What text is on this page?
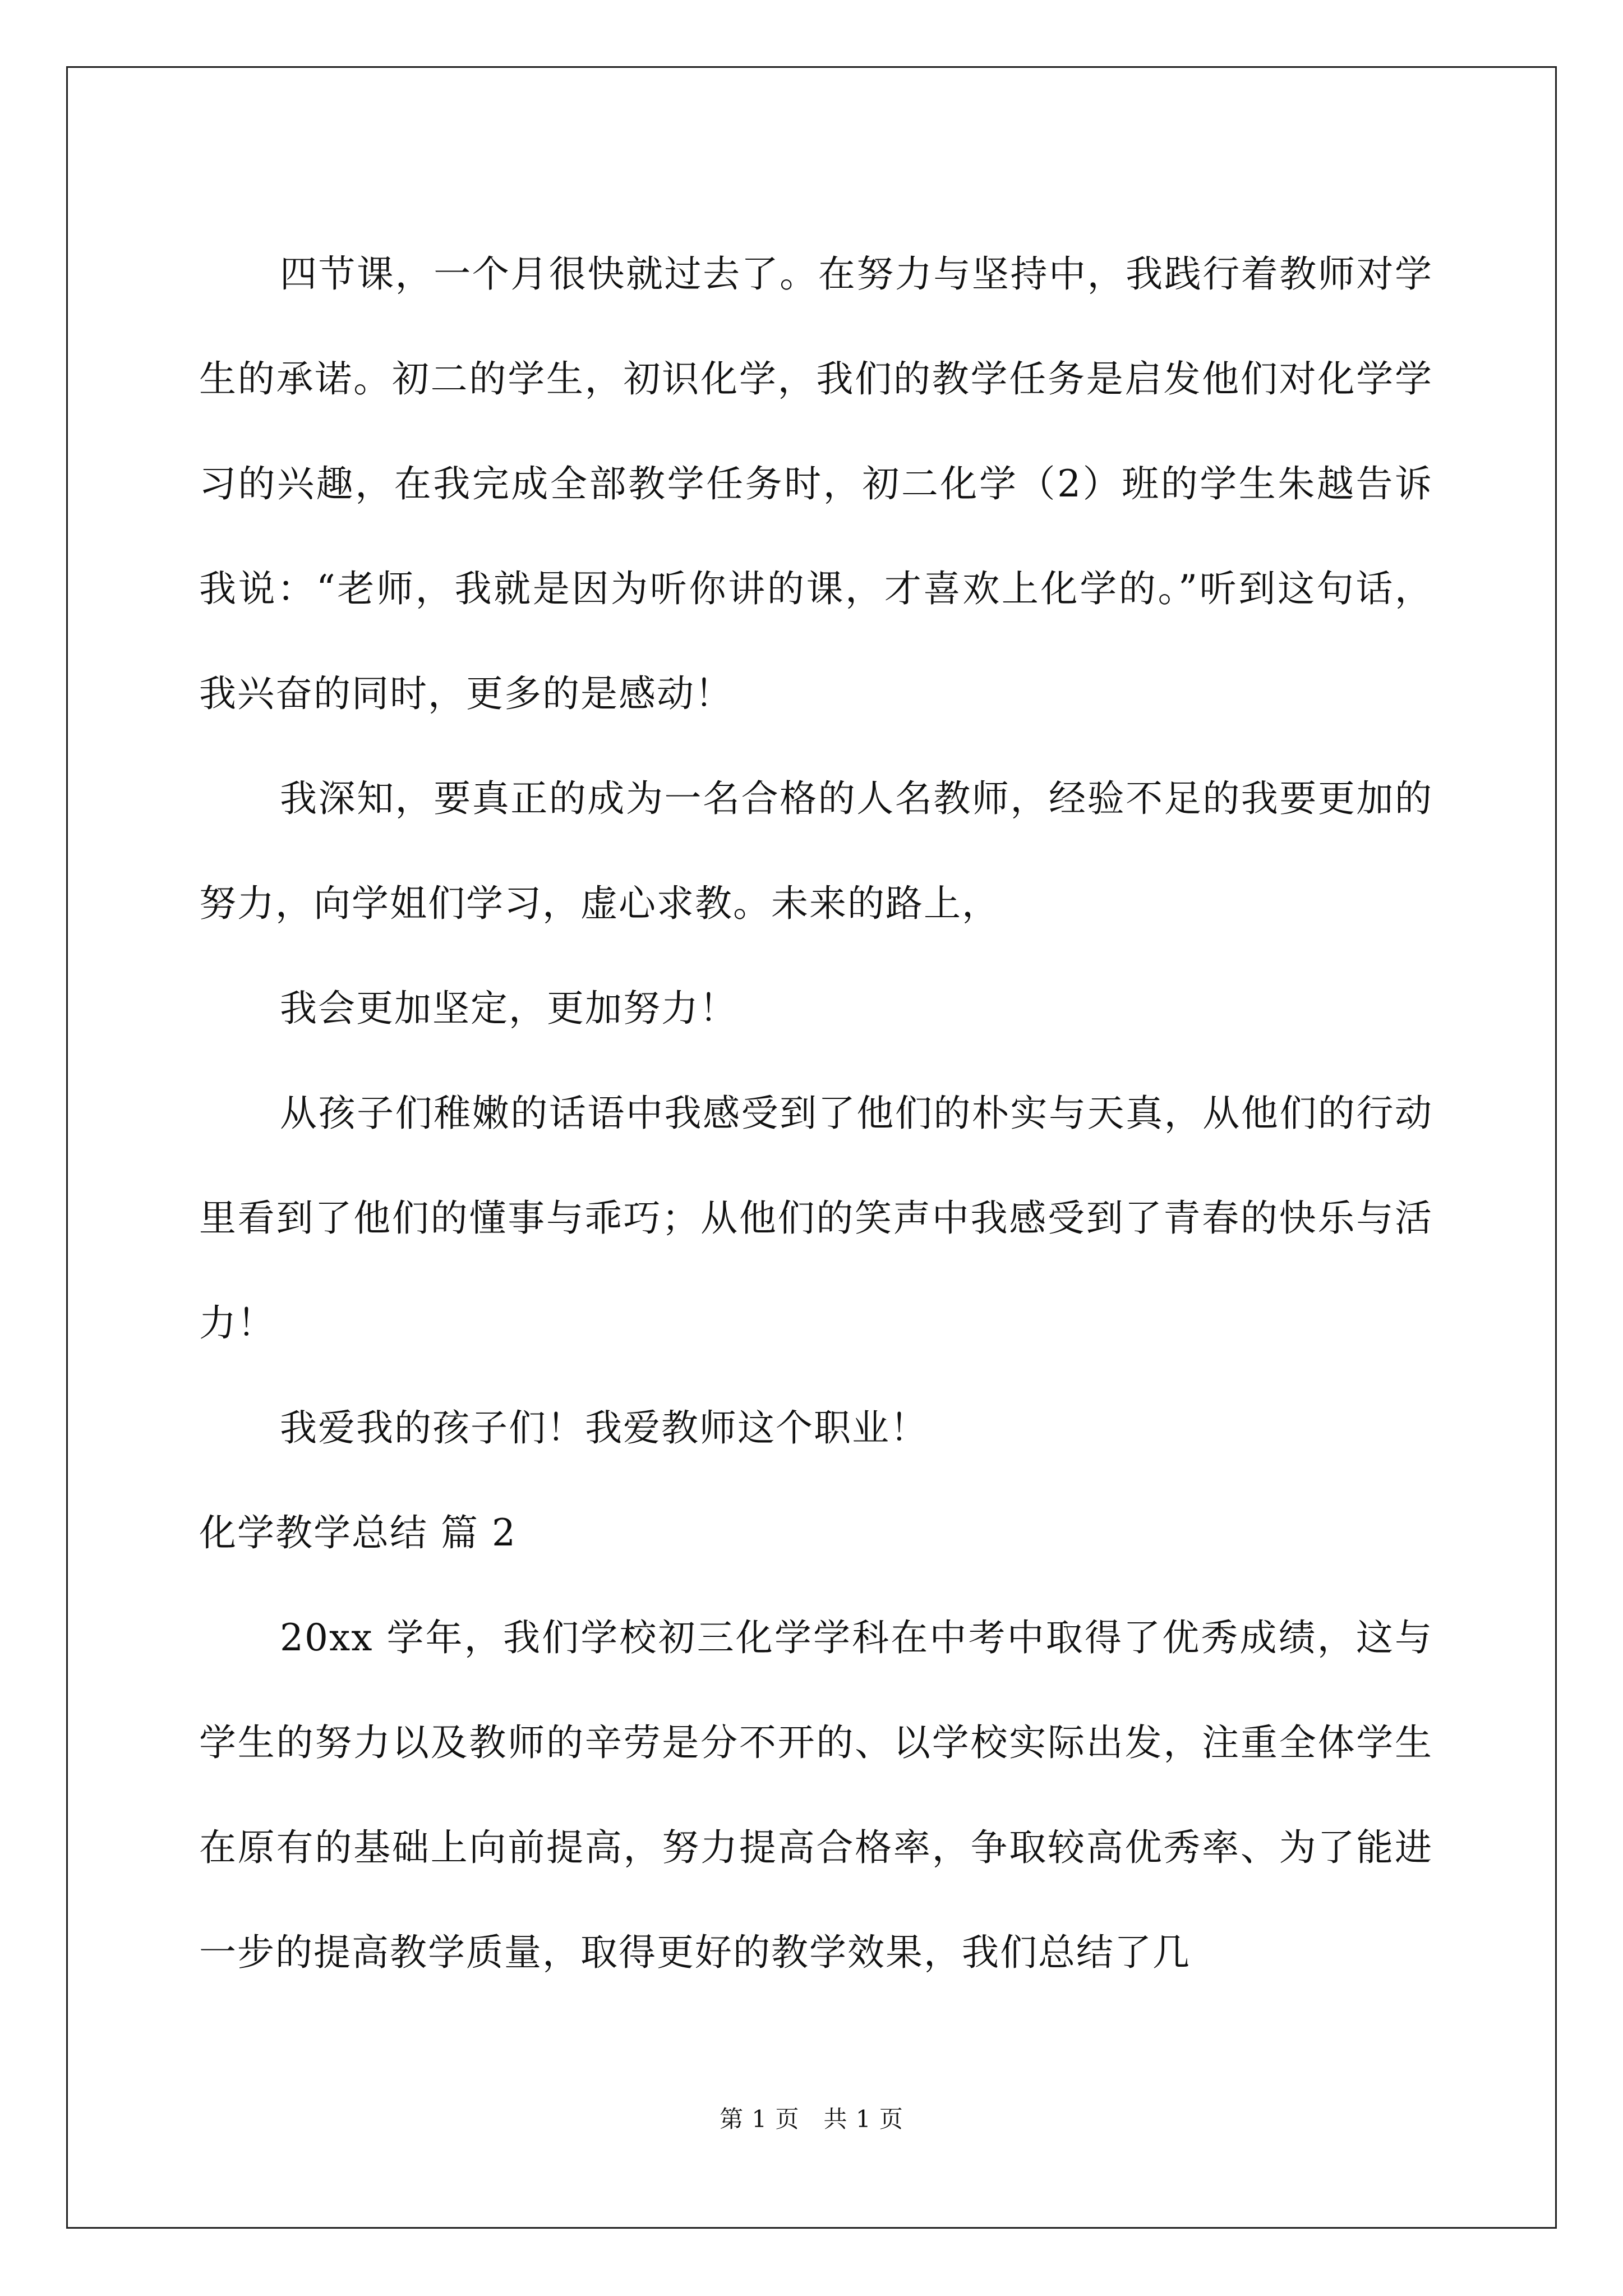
四节课，一个月很快就过去了。在努力与坚持中，我践行着教师对学生的承诺。初二的学生，初识化学，我们的教学任务是启发他们对化学学习的兴趣，在我完成全部教学任务时，初二化学（2）班的学生朱越告诉我说：“老师，我就是因为听你讲的课，才喜欢上化学的。”听到这句话，我兴奋的同时，更多的是感动！

我深知，要真正的成为一名合格的人名教师，经验不足的我要更加的努力，向学姐们学习，虚心求教。未来的路上，

我会更加坚定，更加努力！

从孩子们稚嫩的话语中我感受到了他们的朴实与天真，从他们的行动里看到了他们的懂事与乖巧；从他们的笑声中我感受到了青春的快乐与活力！

我爱我的孩子们！我爱教师这个职业！

化学教学总结 篇 2

20xx 学年，我们学校初三化学学科在中考中取得了优秀成绩，这与学生的努力以及教师的辛劳是分不开的、以学校实际出发，注重全体学生在原有的基础上向前提高，努力提高合格率，争取较高优秀率、为了能进一步的提高教学质量，取得更好的教学效果，我们总结了几

第 1 页　共 1 页
